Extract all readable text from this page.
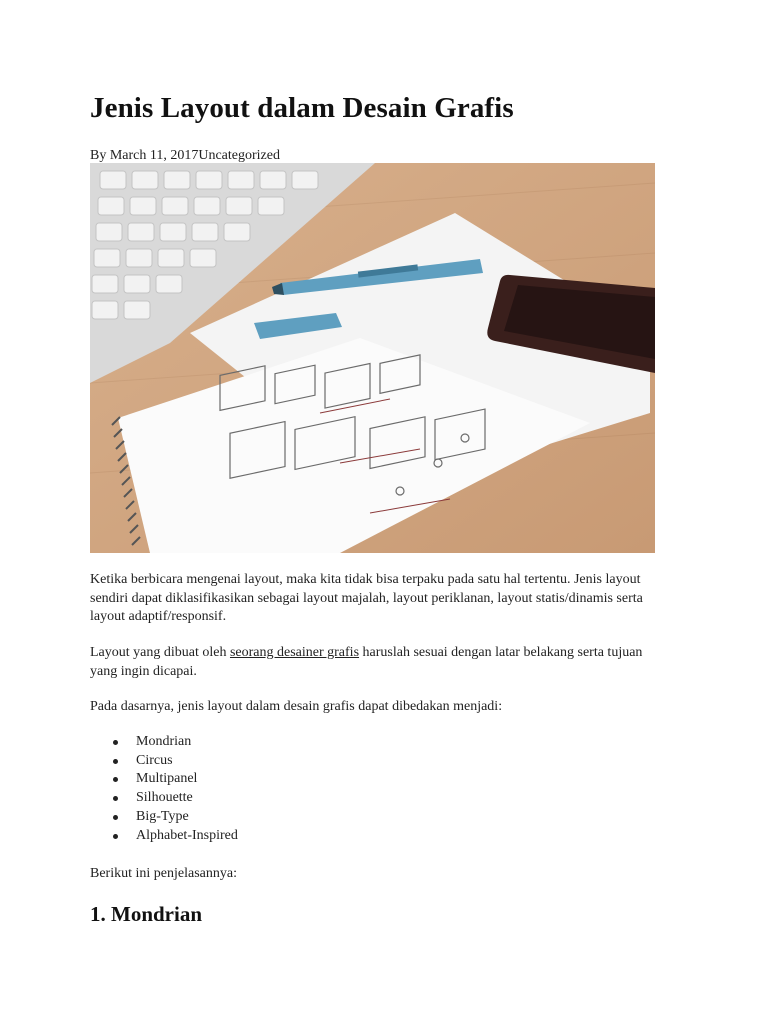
Jenis Layout dalam Desain Grafis
By March 11, 2017Uncategorized

Ketika berbicara mengenai layout, maka kita tidak bisa terpaku pada satu hal tertentu. Jenis layout sendiri dapat diklasifikasikan sebagai layout majalah, layout periklanan, layout statis/dinamis serta layout adaptif/responsif.

Layout yang dibuat oleh seorang desainer grafis haruslah sesuai dengan latar belakang serta tujuan yang ingin dicapai.

Pada dasarnya, jenis layout dalam desain grafis dapat dibedakan menjadi:

Mondrian
Circus
Multipanel
Silhouette
Big-Type
Alphabet-Inspired

Berikut ini penjelasannya:

1. Mondrian
